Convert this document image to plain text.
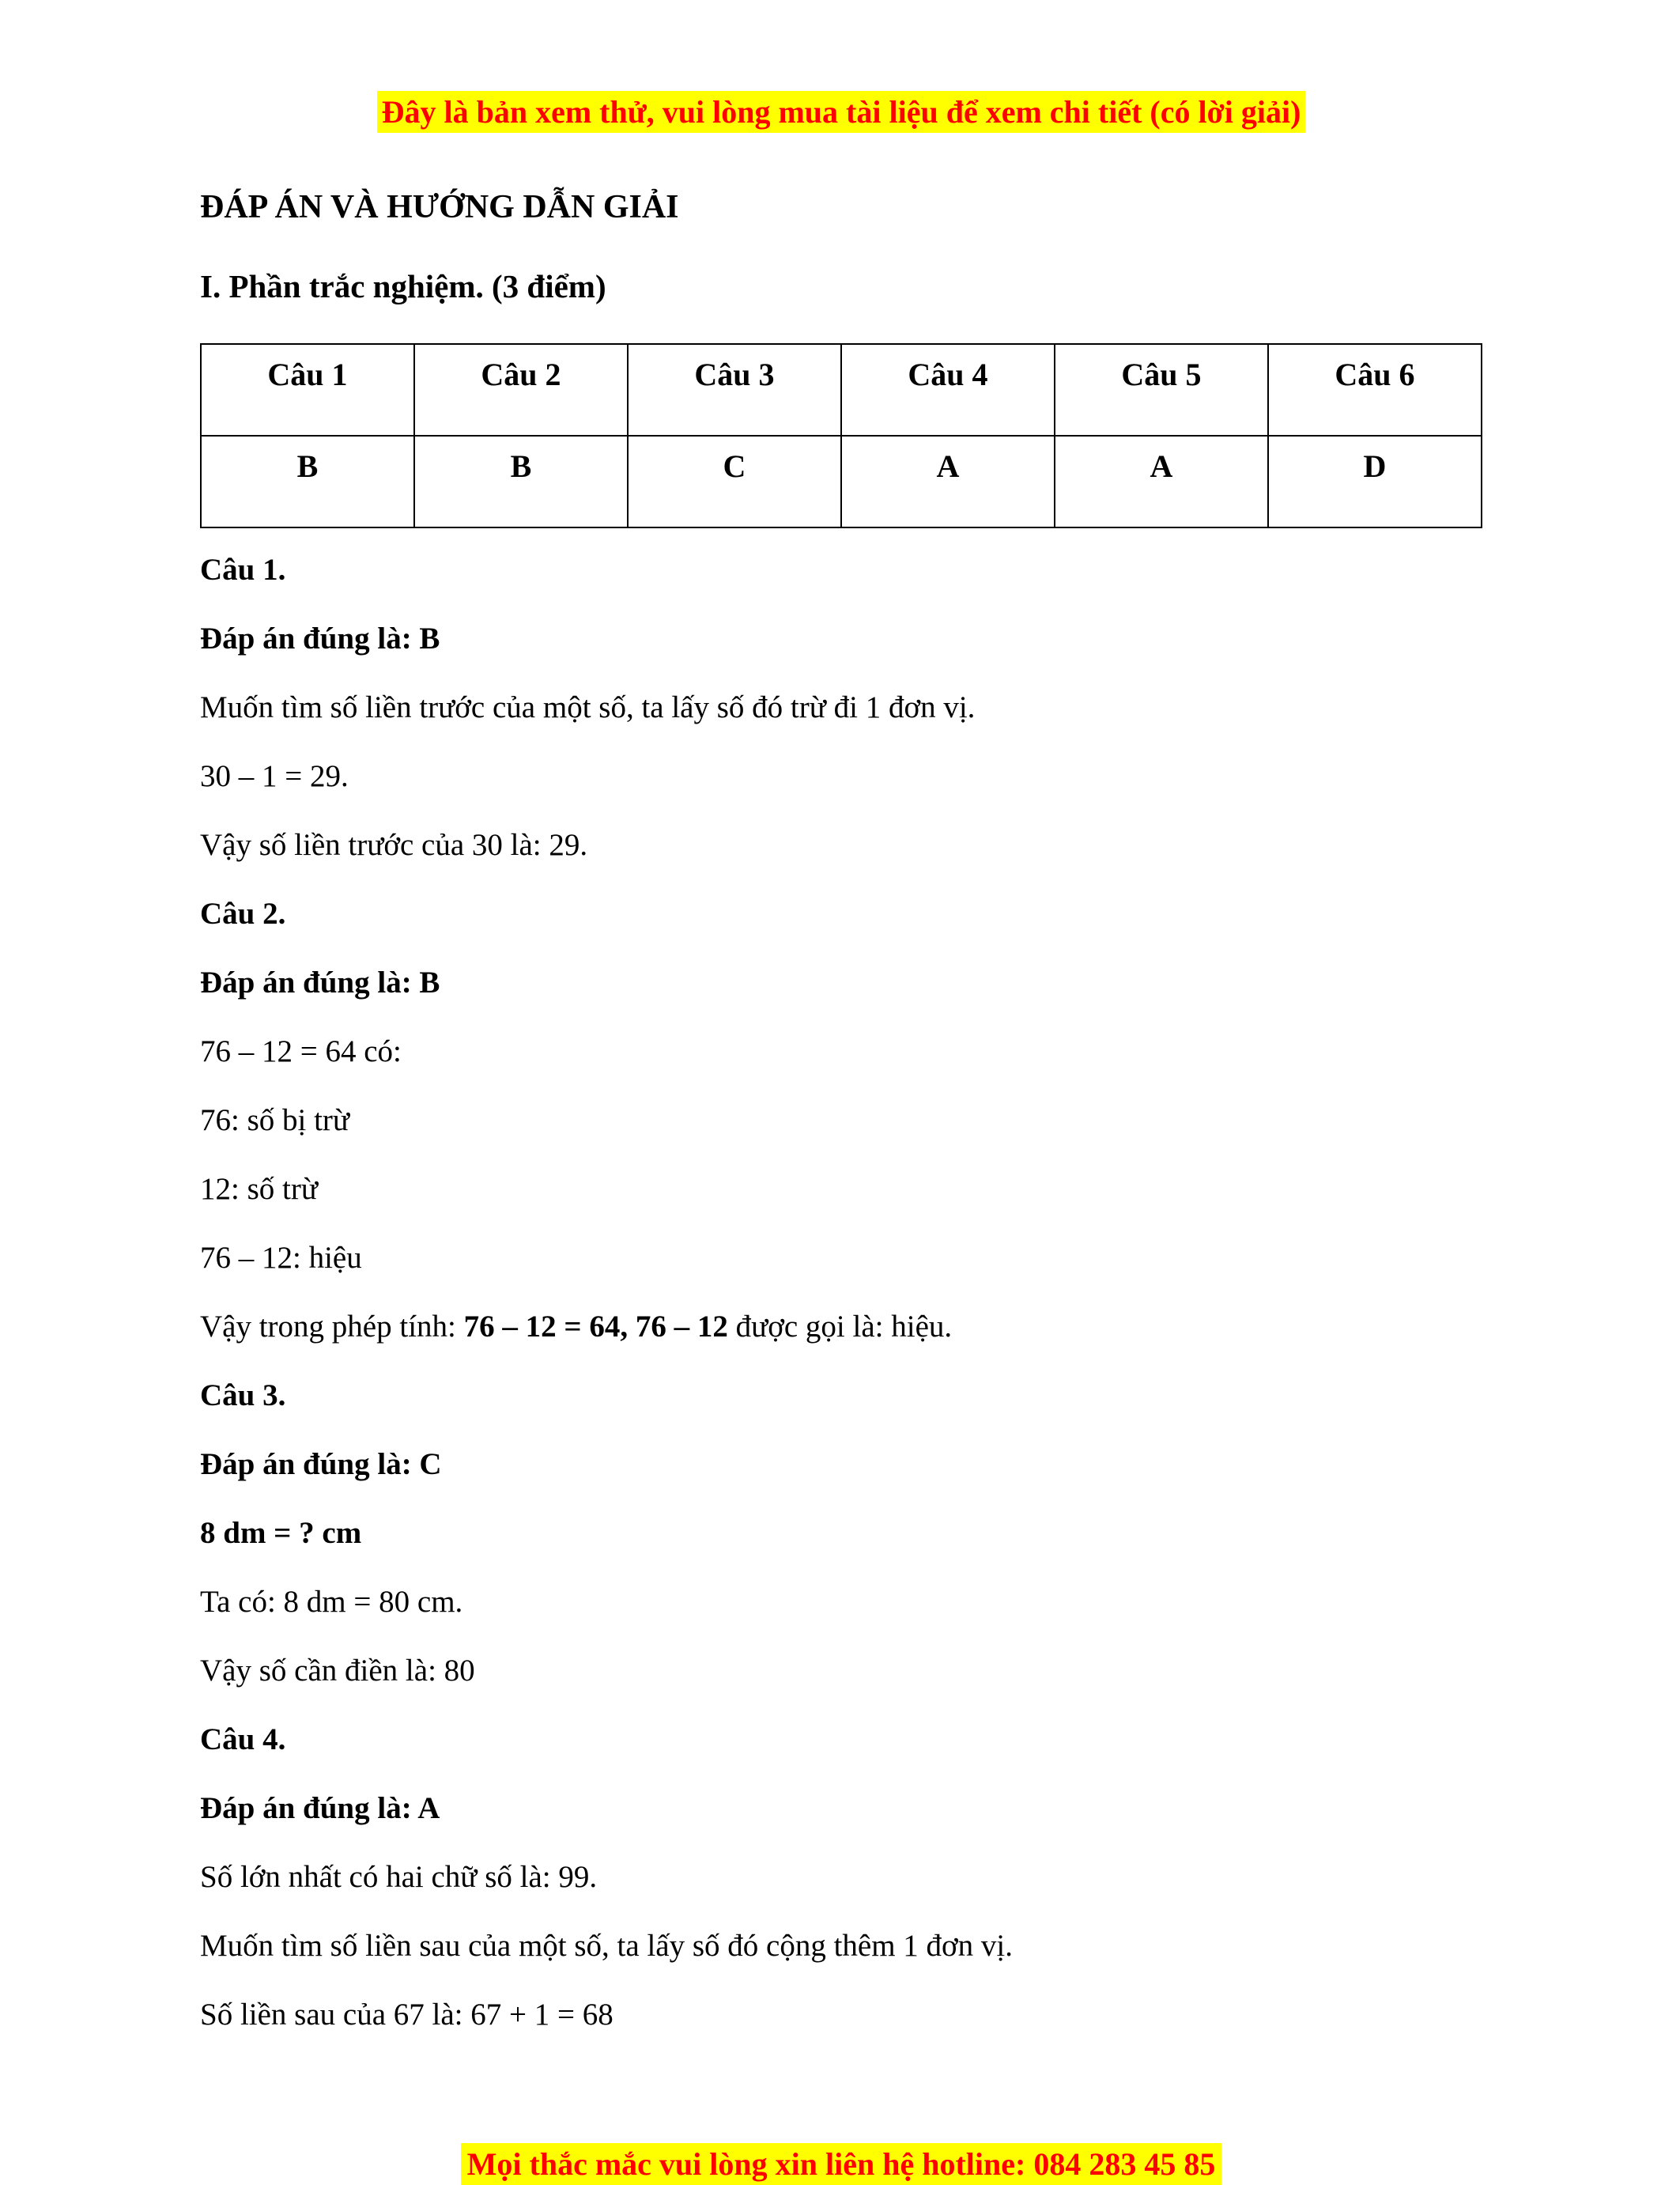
Đây là bản xem thử, vui lòng mua tài liệu để xem chi tiết (có lời giải)
ĐÁP ÁN VÀ HƯỚNG DẪN GIẢI
I. Phần trắc nghiệm. (3 điểm)
Câu 1	Câu 2	Câu 3	Câu 4	Câu 5	Câu 6
B	B	C	A	A	D

Câu 1.

Đáp án đúng là: B

Muốn tìm số liền trước của một số, ta lấy số đó trừ đi 1 đơn vị.

30 – 1 = 29.

Vậy số liền trước của 30 là: 29.

Câu 2.

Đáp án đúng là: B

76 – 12 = 64 có:

76: số bị trừ

12: số trừ

76 – 12: hiệu

Vậy trong phép tính: 76 – 12 = 64, 76 – 12 được gọi là: hiệu.

Câu 3.

Đáp án đúng là: C

8 dm = ? cm

Ta có: 8 dm = 80 cm.

Vậy số cần điền là: 80

Câu 4.

Đáp án đúng là: A

Số lớn nhất có hai chữ số là: 99.

Muốn tìm số liền sau của một số, ta lấy số đó cộng thêm 1 đơn vị.

Số liền sau của 67 là: 67 + 1 = 68

Mọi thắc mắc vui lòng xin liên hệ hotline: 084 283 45 85
